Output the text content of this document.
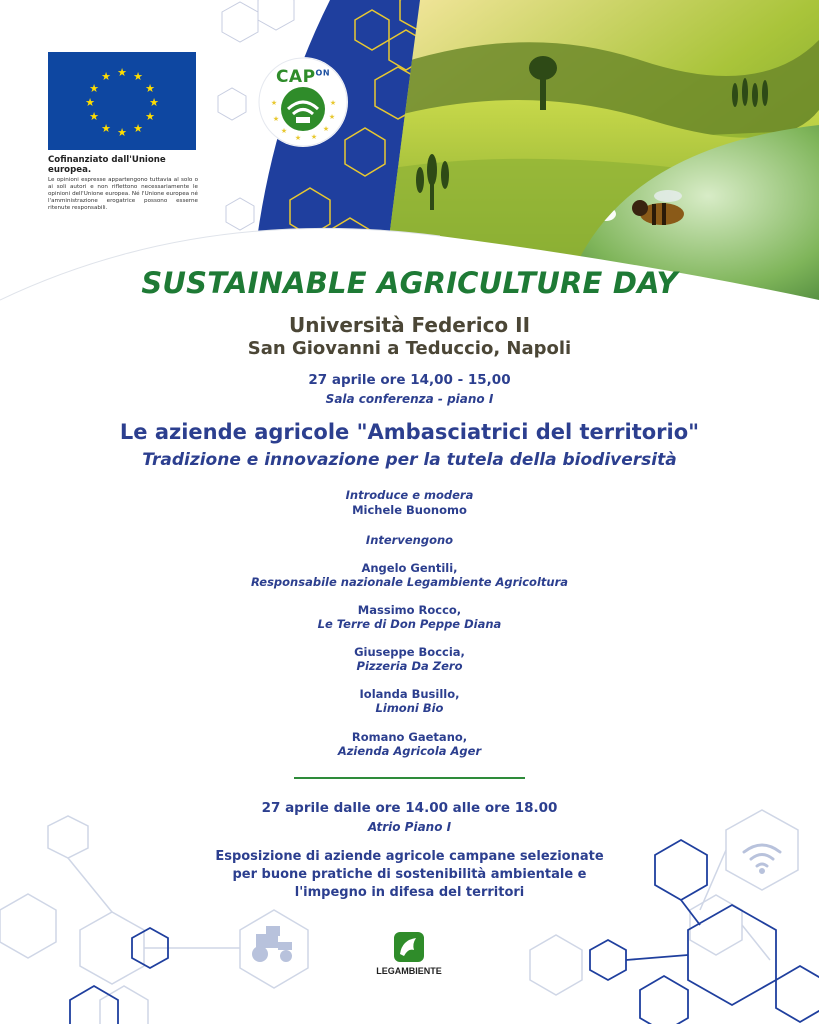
★ ★
★
★
★
★
★
★
★
★
★
★
Cofinanziato dall'Unione europea.
Le opinioni espresse appartengono tuttavia al solo o ai soli autori e non riflettono necessariamente le opinioni dell'Unione europea. Né l'Unione europea né l'amministrazione erogatrice possono esserne ritenute responsabili.
★
★
★
★ ★
★
★
★
$CAP^{ON}$

SUSTAINABLE AGRICULTURE DAY

Università Federico II

San Giovanni a Teduccio, Napoli

27 aprile ore 14,00 - 15,00

Sala conferenza - piano I

Le aziende agricole "Ambasciatrici del territorio"

Tradizione e innovazione per la tutela della biodiversità

Introduce e modera

Michele Buonomo

Intervengono

Angelo Gentili,

Responsabile nazionale Legambiente Agricoltura

Massimo Rocco,

Le Terre di Don Peppe Diana

Giuseppe Boccia,

Pizzeria Da Zero

Iolanda Busillo,

Limoni Bio

Romano Gaetano,

Azienda Agricola Ager

27 aprile dalle ore 14.00 alle ore 18.00

Atrio Piano I

Esposizione di aziende agricole campane selezionate
per buone pratiche di sostenibilità ambientale e
l'impegno in difesa del territori
LEGAMBIENTE
